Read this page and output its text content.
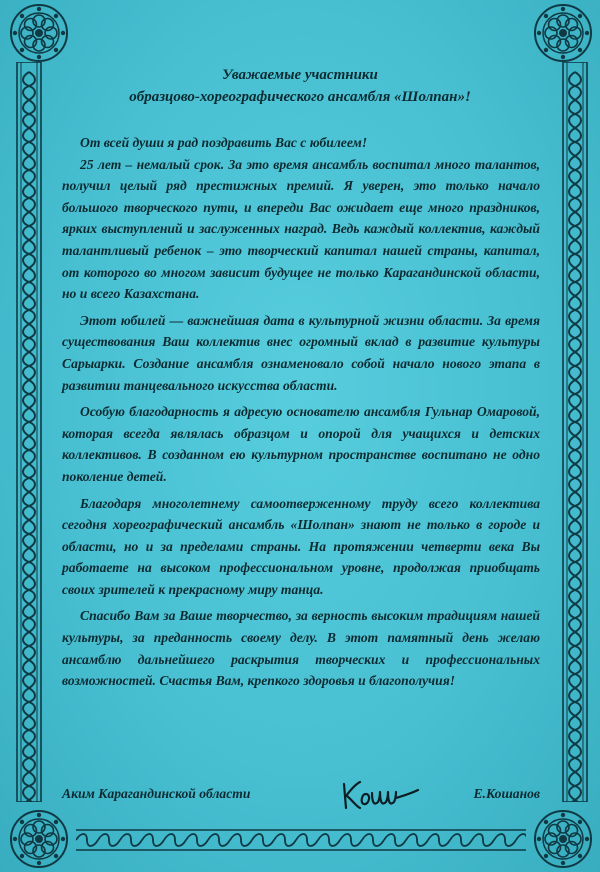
Уважаемые участники
образцово-хореографического ансамбля «Шолпан»!

От всей души я рад поздравить Вас с юбилеем!

25 лет – немалый срок. За это время ансамбль воспитал много талантов, получил целый ряд престижных премий. Я уверен, это только начало большого творческого пути, и впереди Вас ожидает еще много праздников, ярких выступлений и заслуженных наград. Ведь каждый коллектив, каждый талантливый ребенок – это творческий капитал нашей страны, капитал, от которого во многом зависит будущее не только Карагандинской области, но и всего Казахстана.

Этот юбилей — важнейшая дата в культурной жизни области. За время существования Ваш коллектив внес огромный вклад в развитие культуры Сарыарки. Создание ансамбля ознаменовало собой начало нового этапа в развитии танцевального искусства области.

Особую благодарность я адресую основателю ансамбля Гульнар Омаровой, которая всегда являлась образцом и опорой для учащихся и детских коллективов. В созданном ею культурном пространстве воспитано не одно поколение детей.

Благодаря многолетнему самоотверженному труду всего коллектива сегодня хореографический ансамбль «Шолпан» знают не только в городе и области, но и за пределами страны. На протяжении четверти века Вы работаете на высоком профессиональном уровне, продолжая приобщать своих зрителей к прекрасному миру танца.

Спасибо Вам за Ваше творчество, за верность высоким традициям нашей культуры, за преданность своему делу. В этот памятный день желаю ансамблю дальнейшего раскрытия творческих и профессиональных возможностей. Счастья Вам, крепкого здоровья и благополучия!

Аким Карагандинской области	Е.Кошанов
